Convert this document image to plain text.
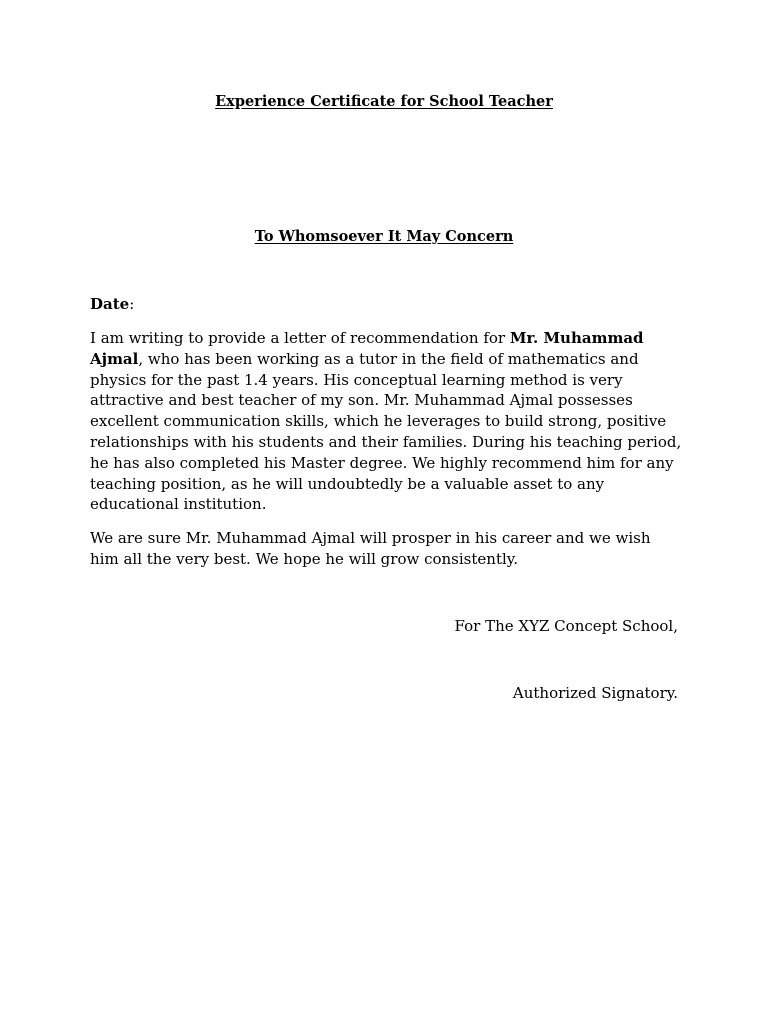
Experience Certificate for School Teacher

To Whomsoever It May Concern

Date:

I am writing to provide a letter of recommendation for Mr. Muhammad Ajmal, who has been working as a tutor in the field of mathematics and physics for the past 1.4 years. His conceptual learning method is very attractive and best teacher of my son. Mr. Muhammad Ajmal possesses excellent communication skills, which he leverages to build strong, positive relationships with his students and their families. During his teaching period, he has also completed his Master degree. We highly recommend him for any teaching position, as he will undoubtedly be a valuable asset to any educational institution.

We are sure Mr. Muhammad Ajmal will prosper in his career and we wish him all the very best. We hope he will grow consistently.

For The XYZ Concept School,

Authorized Signatory.
